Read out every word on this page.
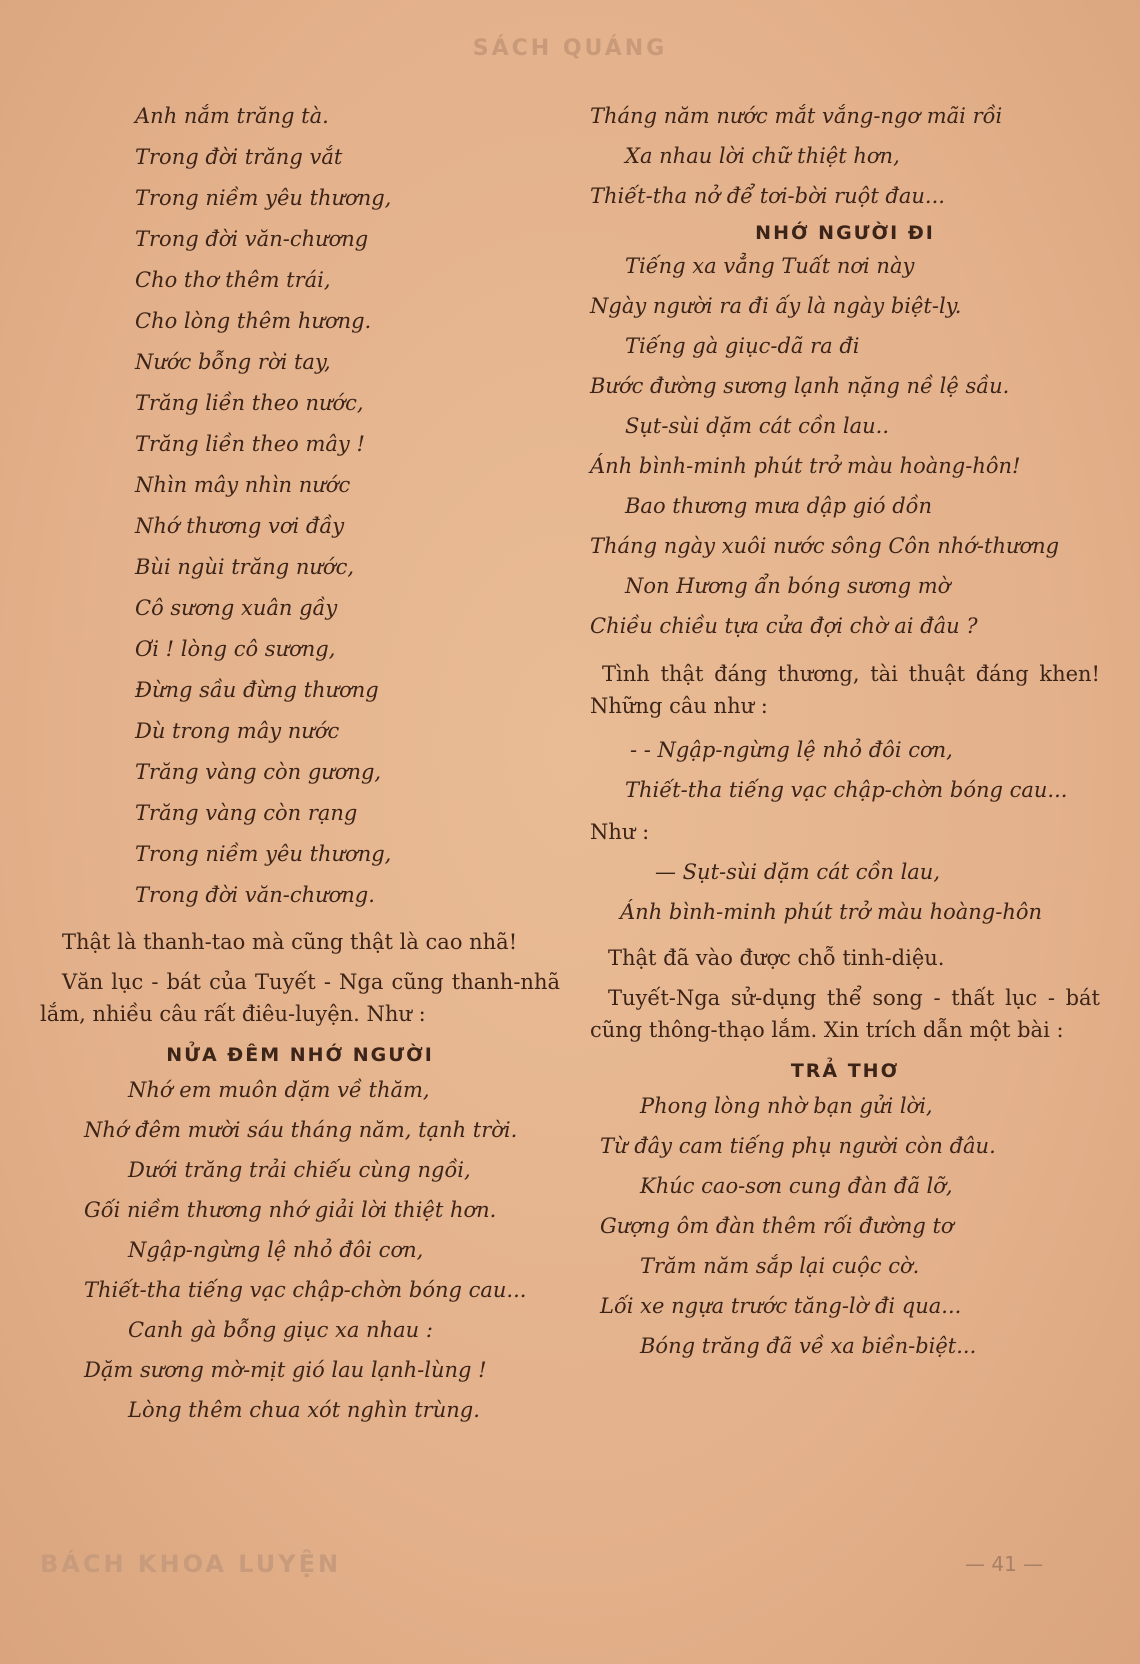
SÁCH QUÁNG
Anh nắm trăng tà.
Trong đời trăng vắt
Trong niềm yêu thương,
Trong đời văn-chương
Cho thơ thêm trái,
Cho lòng thêm hương.
Nước bỗng rời tay,
Trăng liền theo nước,
Trăng liền theo mây !
Nhìn mây nhìn nước
Nhớ thương vơi đầy
Bùi ngùi trăng nước,
Cô sương xuân gầy
Ơi ! lòng cô sương,
Đừng sầu đừng thương
Dù trong mây nước
Trăng vàng còn gương,
Trăng vàng còn rạng
Trong niềm yêu thương,
Trong đời văn-chương.

Thật là thanh-tao mà cũng thật là cao nhã!

Văn lục - bát của Tuyết - Nga cũng thanh-nhã lắm, nhiều câu rất điêu-luyện. Như :

NỬA ĐÊM NHỚ NGƯỜI

Nhớ em muôn dặm về thăm,
Nhớ đêm mười sáu tháng năm, tạnh trời.
Dưới trăng trải chiếu cùng ngồi,
Gối niềm thương nhớ giải lời thiệt hơn.
Ngập-ngừng lệ nhỏ đôi cơn,
Thiết-tha tiếng vạc chập-chờn bóng cau...
Canh gà bỗng giục xa nhau :
Dặm sương mờ-mịt gió lau lạnh-lùng !
Lòng thêm chua xót nghìn trùng.
Tháng năm nước mắt vắng-ngơ mãi rồi
Xa nhau lời chữ thiệt hơn,
Thiết-tha nở để tơi-bời ruột đau...

NHỚ NGƯỜI ĐI

Tiếng xa vẳng Tuất nơi này
Ngày người ra đi ấy là ngày biệt-ly.
Tiếng gà giục-dã ra đi
Bước đường sương lạnh nặng nề lệ sầu.
Sụt-sùi dặm cát cồn lau..
Ánh bình-minh phút trở màu hoàng-hôn!
Bao thương mưa dập gió dồn
Tháng ngày xuôi nước sông Côn nhớ-thương
Non Hương ẩn bóng sương mờ
Chiều chiều tựa cửa đợi chờ ai đâu ?

Tình thật đáng thương, tài thuật đáng khen! Những câu như :

- - Ngập-ngừng lệ nhỏ đôi cơn,
Thiết-tha tiếng vạc chập-chờn bóng cau...

Như :

— Sụt-sùi dặm cát cồn lau,
Ánh bình-minh phút trở màu hoàng-hôn

Thật đã vào được chỗ tinh-diệu.

Tuyết-Nga sử-dụng thể song - thất lục - bát cũng thông-thạo lắm. Xin trích dẫn một bài :

TRẢ THƠ

Phong lòng nhờ bạn gửi lời,
Từ đây cam tiếng phụ người còn đâu.
Khúc cao-sơn cung đàn đã lỡ,
Gượng ôm đàn thêm rối đường tơ
Trăm năm sắp lại cuộc cờ.
Lối xe ngựa trước tăng-lờ đi qua...
Bóng trăng đã về xa biền-biệt...
BÁCH KHOA LUYỆN	— 41 —
